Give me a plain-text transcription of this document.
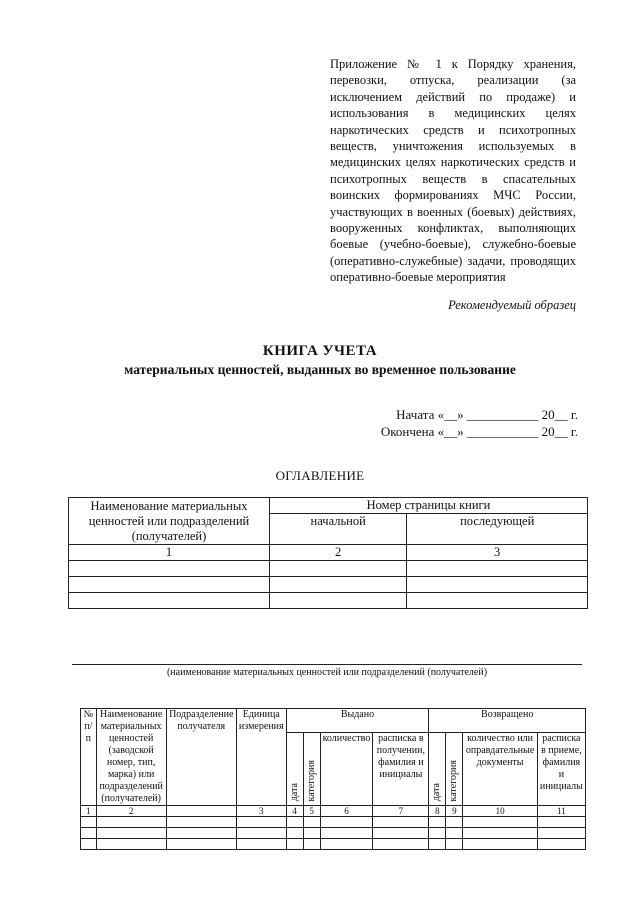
Приложение № 1 к Порядку хранения, перевозки, отпуска, реализации (за исключением действий по продаже) и использования в медицинских целях наркотических средств и психотропных веществ, уничтожения используемых в медицинских целях наркотических средств и психотропных веществ в спасательных воинских формированиях МЧС России, участвующих в военных (боевых) действиях, вооруженных конфликтах, выполняющих боевые (учебно-боевые), служебно-боевые (оперативно-служебные) задачи, проводящих оперативно-боевые мероприятия
Рекомендуемый образец
КНИГА УЧЕТА
материальных ценностей, выданных во временное пользование
Начата «__» ___________ 20__ г.
Окончена «__» ___________ 20__ г.
ОГЛАВЛЕНИЕ
Наименование материальных ценностей или подразделений (получателей)	Номер страницы книги	
	начальной	последующей
1	2	3

(наименование материальных ценностей или подразделений (получателей)
№ п/п	Наименование материальных ценностей (заводской номер, тип, марка) или подразделений (получателей)	Подразделение получателя	Единица измерения	Выдано				Возвращено			
				дата	категория	количество	расписка в получении, фамилия и инициалы	дата	категория	количество или оправдательные документы	расписка в приеме, фамилия и инициалы
1	2		3	4	5	6	7	8	9	10	11
